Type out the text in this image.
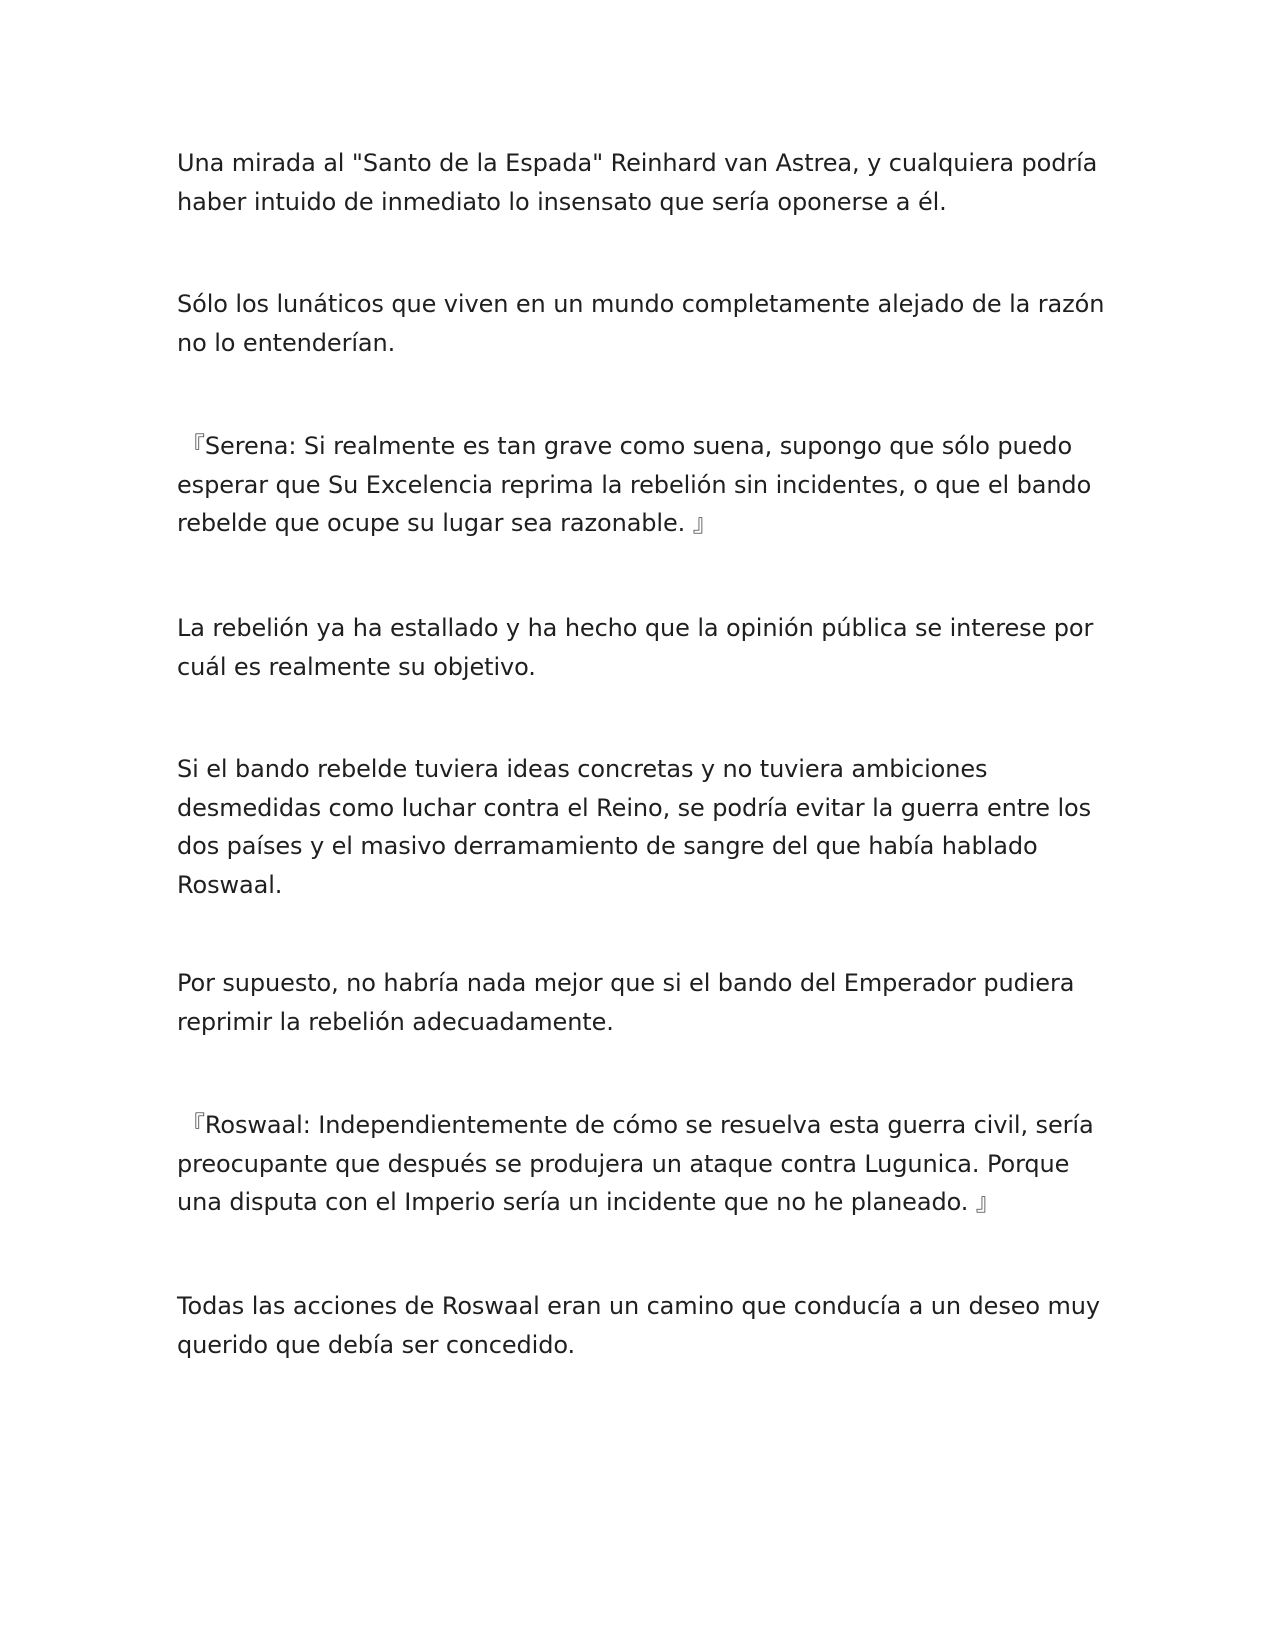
Una mirada al "Santo de la Espada" Reinhard van Astrea, y cualquiera podría haber intuido de inmediato lo insensato que sería oponerse a él.

Sólo los lunáticos que viven en un mundo completamente alejado de la razón no lo entenderían.

『Serena: Si realmente es tan grave como suena, supongo que sólo puedo esperar que Su Excelencia reprima la rebelión sin incidentes, o que el bando rebelde que ocupe su lugar sea razonable. 』

La rebelión ya ha estallado y ha hecho que la opinión pública se interese por cuál es realmente su objetivo.

Si el bando rebelde tuviera ideas concretas y no tuviera ambiciones desmedidas como luchar contra el Reino, se podría evitar la guerra entre los dos países y el masivo derramamiento de sangre del que había hablado Roswaal.

Por supuesto, no habría nada mejor que si el bando del Emperador pudiera reprimir la rebelión adecuadamente.

『Roswaal: Independientemente de cómo se resuelva esta guerra civil, sería preocupante que después se produjera un ataque contra Lugunica. Porque una disputa con el Imperio sería un incidente que no he planeado. 』

Todas las acciones de Roswaal eran un camino que conducía a un deseo muy querido que debía ser concedido.
